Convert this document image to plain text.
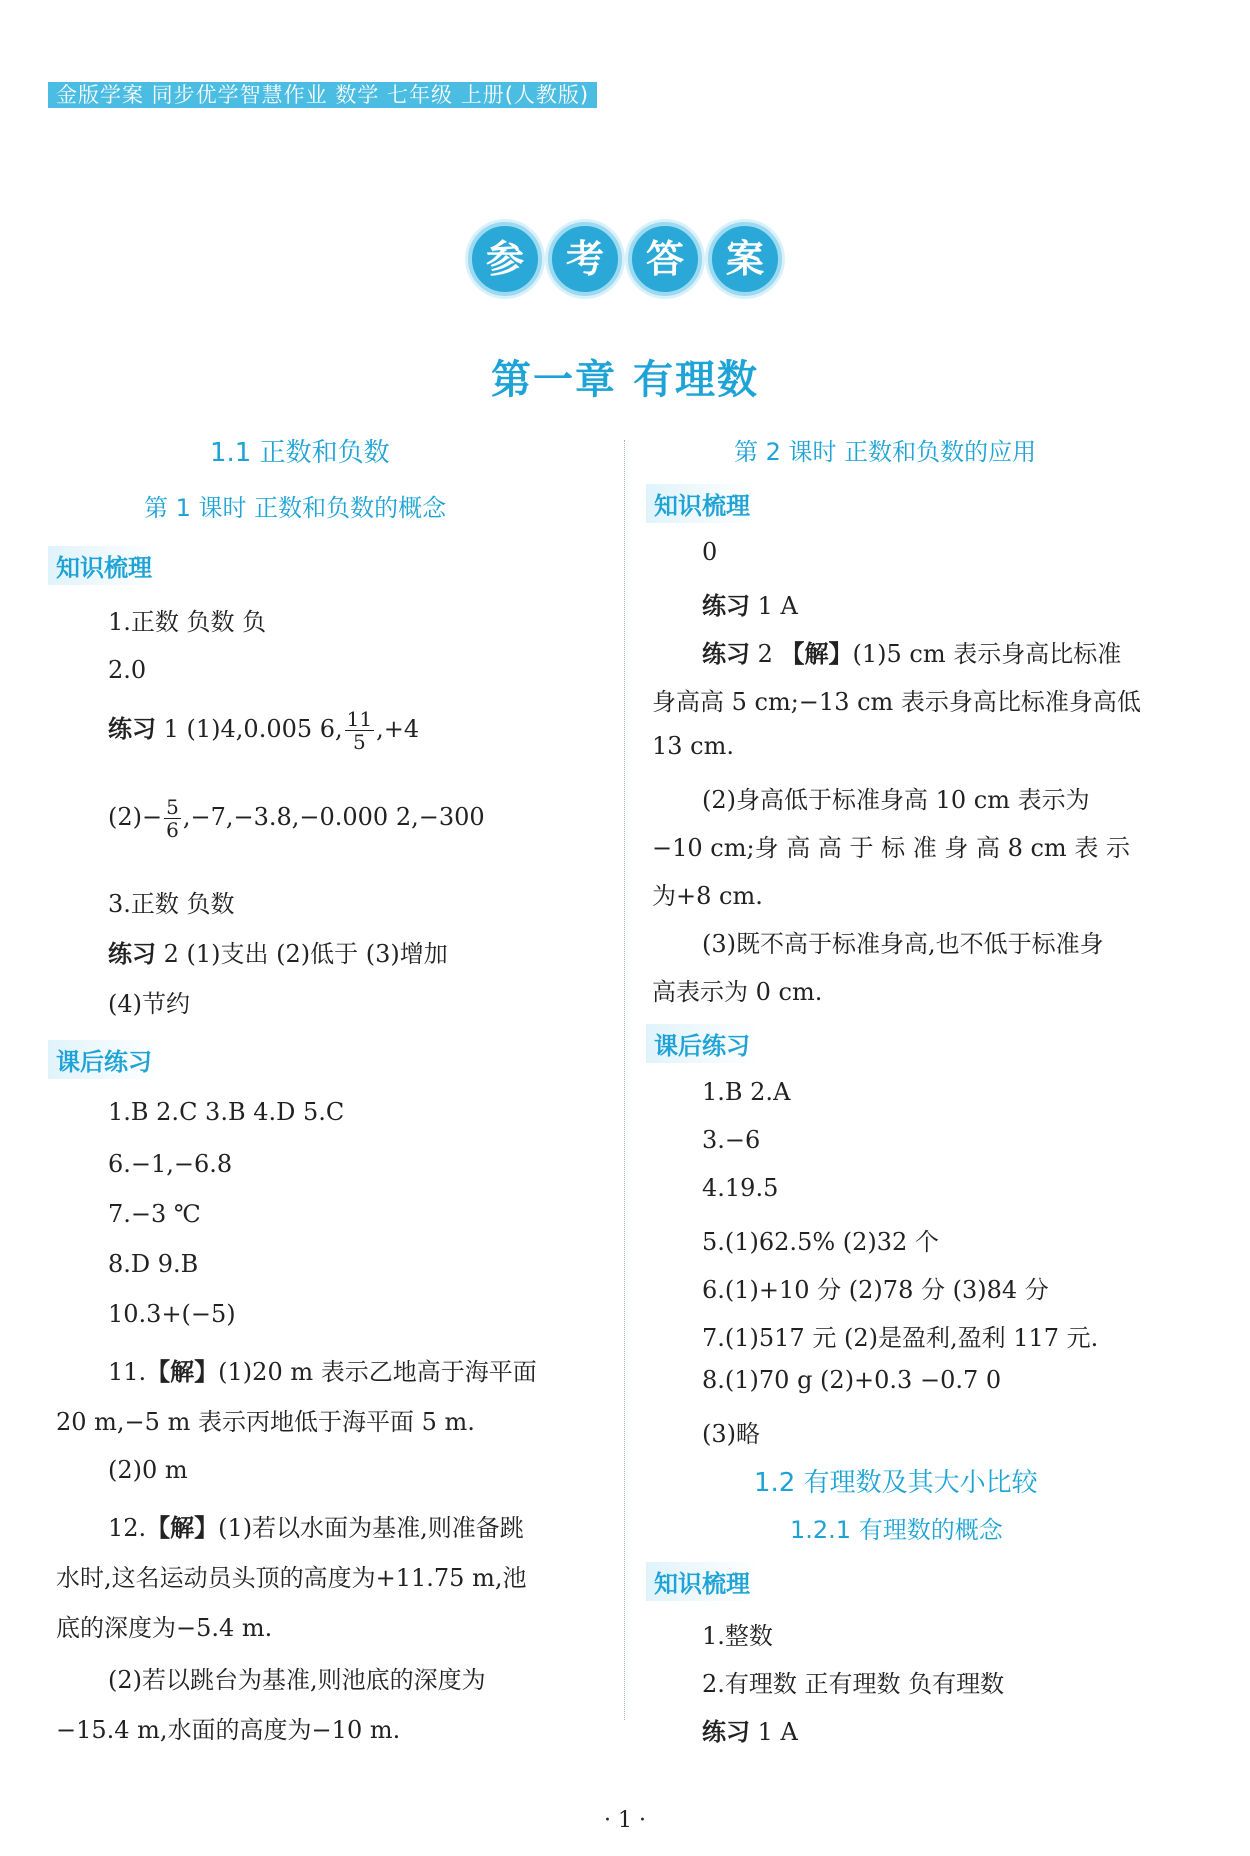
金版学案 同步优学智慧作业 数学 七年级 上册(人教版)
参	考	答	案
第一章 有理数
1.1 正数和负数
第 1 课时 正数和负数的概念
知识梳理
1.正数 负数 负
2.0
练习 1 (1)4,0.005 6, $\frac{11}{5} ,+4$
$(2)- \frac{5}{6} ,-7,-3.8,-0.000$ 2,−300
3.正数 负数
练习 2 (1)支出 (2)低于 (3)增加
(4)节约
课后练习
1.B 2.C 3.B 4.D 5.C
6.−1,−6.8
7.−3 ℃
8.D 9.B
10.3+(−5)
11.【解】(1)20 m 表示乙地高于海平面
20 m,−5 m 表示丙地低于海平面 5 m.
(2)0 m
12.【解】(1)若以水面为基准,则准备跳
水时,这名运动员头顶的高度为+11.75 m,池
底的深度为−5.4 m.
(2)若以跳台为基准,则池底的深度为
−15.4 m,水面的高度为−10 m.
第 2 课时 正数和负数的应用
知识梳理
0
练习 1 A
练习 2 【解】(1)5 cm 表示身高比标准
身高高 5 cm;−13 cm 表示身高比标准身高低
13 cm.
(2)身高低于标准身高 10 cm 表示为
−10 cm;身 高 高 于 标 准 身 高 8 cm 表 示
为+8 cm.
(3)既不高于标准身高,也不低于标准身
高表示为 0 cm.
课后练习
1.B 2.A
3.−6
4.19.5
5.(1)62.5% (2)32 个
6.(1)+10 分 (2)78 分 (3)84 分
7.(1)517 元 (2)是盈利,盈利 117 元.
8.(1)70 g (2)+0.3 −0.7 0
(3)略
1.2 有理数及其大小比较
1.2.1 有理数的概念
知识梳理
1.整数
2.有理数 正有理数 负有理数
练习 1 A
· 1 ·
